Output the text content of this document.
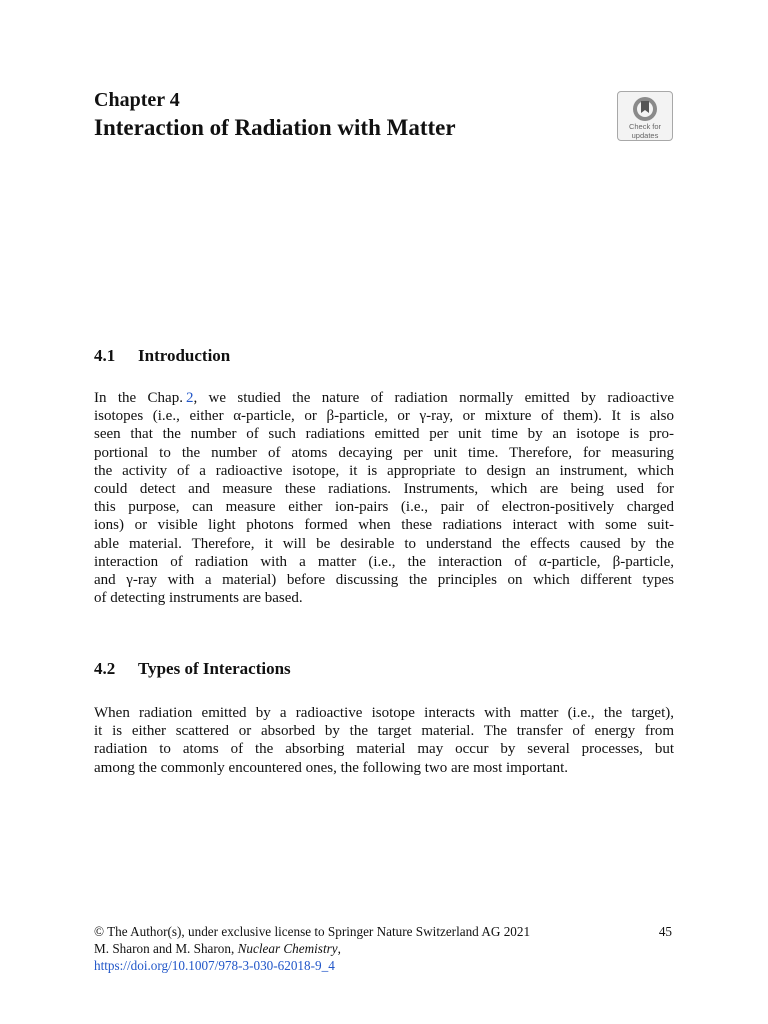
Chapter 4
Interaction of Radiation with Matter	Check for
updates
4.1 Introduction
In the Chap. 2, we studied the nature of radiation normally emitted by radioactive
isotopes (i.e., either α-particle, or β-particle, or γ-ray, or mixture of them). It is also
seen that the number of such radiations emitted per unit time by an isotope is pro-
portional to the number of atoms decaying per unit time. Therefore, for measuring
the activity of a radioactive isotope, it is appropriate to design an instrument, which
could detect and measure these radiations. Instruments, which are being used for
this purpose, can measure either ion-pairs (i.e., pair of electron-positively charged
ions) or visible light photons formed when these radiations interact with some suit-
able material. Therefore, it will be desirable to understand the effects caused by the
interaction of radiation with a matter (i.e., the interaction of α-particle, β-particle,
and γ-ray with a material) before discussing the principles on which different types
of detecting instruments are based.
4.2 Types of Interactions
When radiation emitted by a radioactive isotope interacts with matter (i.e., the target),
it is either scattered or absorbed by the target material. The transfer of energy from
radiation to atoms of the absorbing material may occur by several processes, but
among the commonly encountered ones, the following two are most important.
© The Author(s), under exclusive license to Springer Nature Switzerland AG 2021
M. Sharon and M. Sharon, Nuclear Chemistry,
https://doi.org/10.1007/978-3-030-62018-9_4
45
